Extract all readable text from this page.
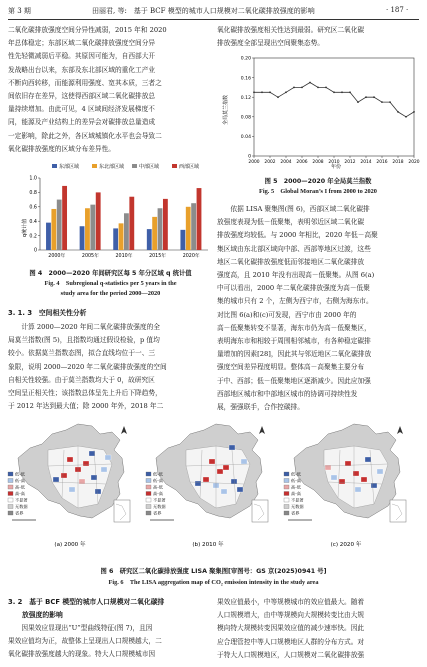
第 3 期	田丽君, 等:　基于 BCF 模型的城市人口规模对二氧化碳排放强度的影响	· 187 ·

二氧化碳排放强度空间分异性减弱，2015 年和 2020

年总体稳定；东部区域二氧化碳排放强度空间分异

性先轻微减弱后平稳。其原因可能为，自西部大开

发战略出台以来，东部及东北部区域的重化工产业

不断向西转移，而能源利用强度、宽其本质，三者之

间依旧存在差异，这使得西部区域二氧化碳排放总

量持续增加。由此可见，4 区域间经济发展梯度不

同，能源及产业结构上的差异会对碳排放总量造成

一定影响，除此之外，各区域城镇化水平也会导致二

氧化碳排放强度的区域分布差异性。

东部区域	东北部区域	中部区域	西部区域
0
0.2
0.4
0.6
0.8
1.0
2000年	2005年	2010年	2015年	2020年
q统计值
图 4　2000—2020 年间研究区每 5 年分区域 q 统计值
Fig. 4　Subregional q-statistics per 5 years in the
study area for the period 2000—2020
3. 1. 3　空间相关性分析

计算 2000—2020 年间二氧化碳排放强度的全

局莫兰指数(图 5)，且指数均通过假设检验，p 值均

较小。依据莫兰指数态图，拟合直线均位于一、三

象限，说明 2000—2020 年二氧化碳排放强度的空间

自相关性较强。由于莫兰指数均大于 0，故研究区

空间呈正相关性；该指数总体呈先上升后下降趋势，

于 2012 年达到最大值；除 2000 年外，2018 年二

氧化碳排放强度相关性达到最弱。研究区二氧化碳

排放强度全部呈现出空间聚集态势。

0
0.04
0.08
0.12
0.16
0.20
2000 2002 2004 2006 2008 2010 2012 2014 2016 2018 2020
全局莫兰指数
年份
图 5　2000—2020 年全局莫兰指数
Fig. 5　Global Moran’s I from 2000 to 2020

依据 LISA 聚集图(图 6)，西部区域二氧化碳排

放强度表现为低－低聚集，表明邻近区域二氧化碳

排放强度均较低。与 2000 年相比，2020 年低－高聚

集区域由东北部区域向中部、西部等地区过渡，这些

地区二氧化碳排放强度低而邻接地区二氧化碳排放

强度高，且 2010 年没有出现高－低聚集。从图 6(a)

中可以看出，2000 年二氧化碳排放强度为高－低聚

集的城市只有 2 个，左侧为西宁市，右侧为海东市。

对比图 6(a)和(c)可发现，西宁市由 2000 年的

高－低聚集转变不显著，海东市仍为高－低聚集区，

表明海东市和相较于周围相邻城市，有各种稳定碳排

量增加的因素[28]，因此其与邻近地区二氧化碳排放

强度空间差异程度明显。整体高－高聚集主要分布

于中、西部；低－低聚集地区逐渐减少。因此应加强

西部地区城市和中部地区城市的协调可持续性发

展，强强联手，合作控碳排。

低-低
低-高
高-低
高-高
不显著
无数据
省界
(a) 2000 年
低-低
低-高
高-低
高-高
不显著
无数据
省界
(b) 2010 年
低-低
低-高
高-低
高-高
不显著
无数据
省界
(c) 2020 年
图 6　研究区二氧化碳排放强度 LISA 聚集图[审图号：GS 京(2025)0941 号]
Fig. 6　The LISA aggregation map of CO₂ emission intensity in the study area
3. 2　基于 BCF 模型的城市人口规模对二氧化碳排
放强度的影响

因果效应显现出“U”型曲线特征(图 7)，且因

果效应值均为正，故整体上呈现出人口规模越大，二

氧化碳排放强度越大的现象。特大人口规模城市因

果效应值最小，中等规模城市的效应值最大。随着

人口规模增大，由中等规模向大规模转变比由大规

模向特大规模转变因果效应值的减少速率快。因此

应合理管控中等人口规模地区人群的分布方式。对

于特大人口规模地区，人口规模对二氧化碳排放强
